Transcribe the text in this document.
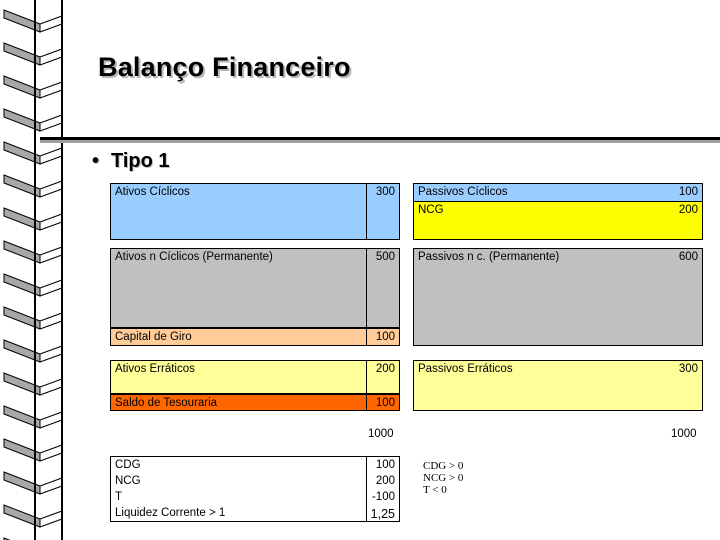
Balanço Financeiro
• Tipo 1
Ativos Cíclicos	300
Ativos n Cíclicos (Permanente)	500
Capital de Giro	100
Ativos Erráticos	200
Saldo de Tesouraria	100
1000
Passivos Cíclicos	100
NCG	200
Passivos n c. (Permanente)	600
Passivos Erráticos	300
1000
CDG	100
NCG	200
T	-100
Liquidez Corrente > 1	1,25
CDG > 0
NCG > 0
T < 0
